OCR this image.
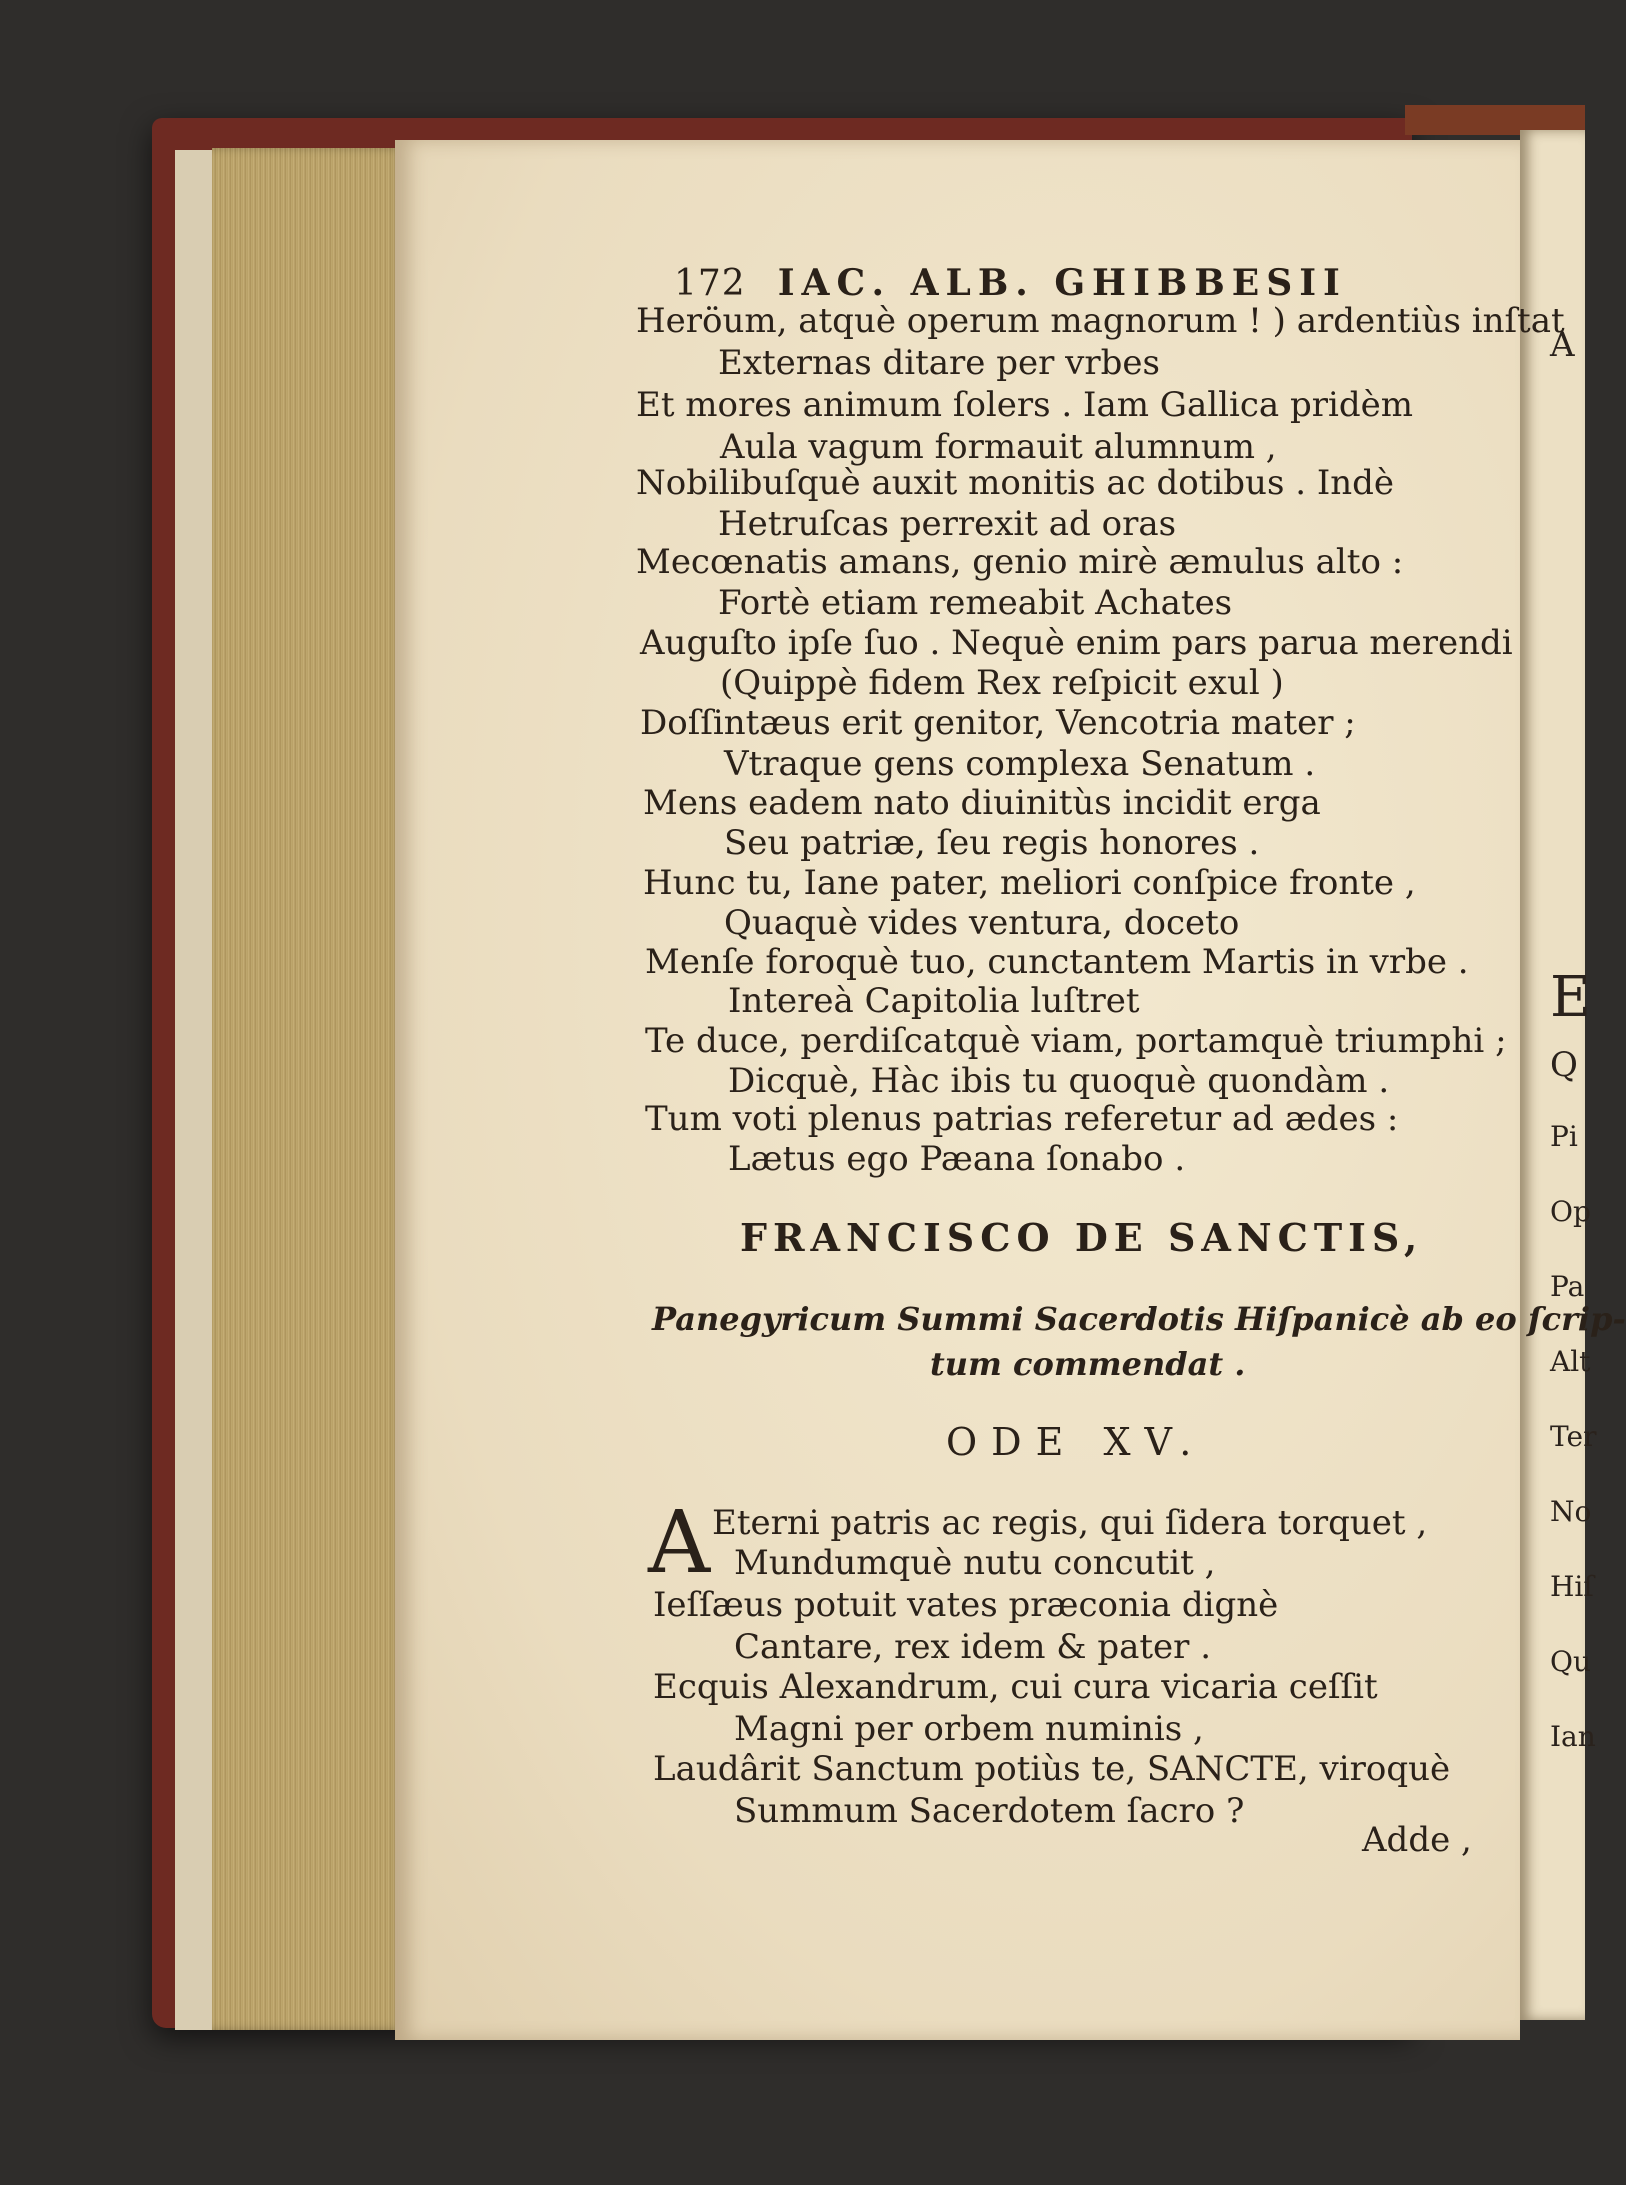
A
E
Q
Pi
Op
Pa
Alt
Ter
No
Hiſ
Qu
Ian
172 IAC. ALB. GHIBBESII
Heröum, atquè operum magnorum ! ) ardentiùs inſtat
Externas ditare per vrbes
Et mores animum ſolers . Iam Gallica pridèm
Aula vagum formauit alumnum ,
Nobilibuſquè auxit monitis ac dotibus . Indè
Hetruſcas perrexit ad oras
Mecœnatis amans, genio mirè æmulus alto :
Fortè etiam remeabit Achates
Auguſto ipſe ſuo . Nequè enim pars parua merendi
(Quippè fidem Rex reſpicit exul )
Doſſintæus erit genitor, Vencotria mater ;
Vtraque gens complexa Senatum .
Mens eadem nato diuinitùs incidit erga
Seu patriæ, ſeu regis honores .
Hunc tu, Iane pater, meliori conſpice fronte ,
Quaquè vides ventura, doceto
Menſe foroquè tuo, cunctantem Martis in vrbe .
Intereà Capitolia luſtret
Te duce, perdiſcatquè viam, portamquè triumphi ;
Dicquè, Hàc ibis tu quoquè quondàm .
Tum voti plenus patrias referetur ad ædes :
Lætus ego Pæana ſonabo .
FRANCISCO DE SANCTIS,
Panegyricum Summi Sacerdotis Hiſpanicè ab eo ſcrip-
tum commendat .
ODE XV.
A Eterni patris ac regis, qui ſidera torquet ,
Mundumquè nutu concutit ,
Ieſſæus potuit vates præconia dignè
Cantare, rex idem & pater .
Ecquis Alexandrum, cui cura vicaria ceſſit
Magni per orbem numinis ,
Laudârit Sanctum potiùs te, SANCTE, viroquè
Summum Sacerdotem ſacro ?
Adde ,
